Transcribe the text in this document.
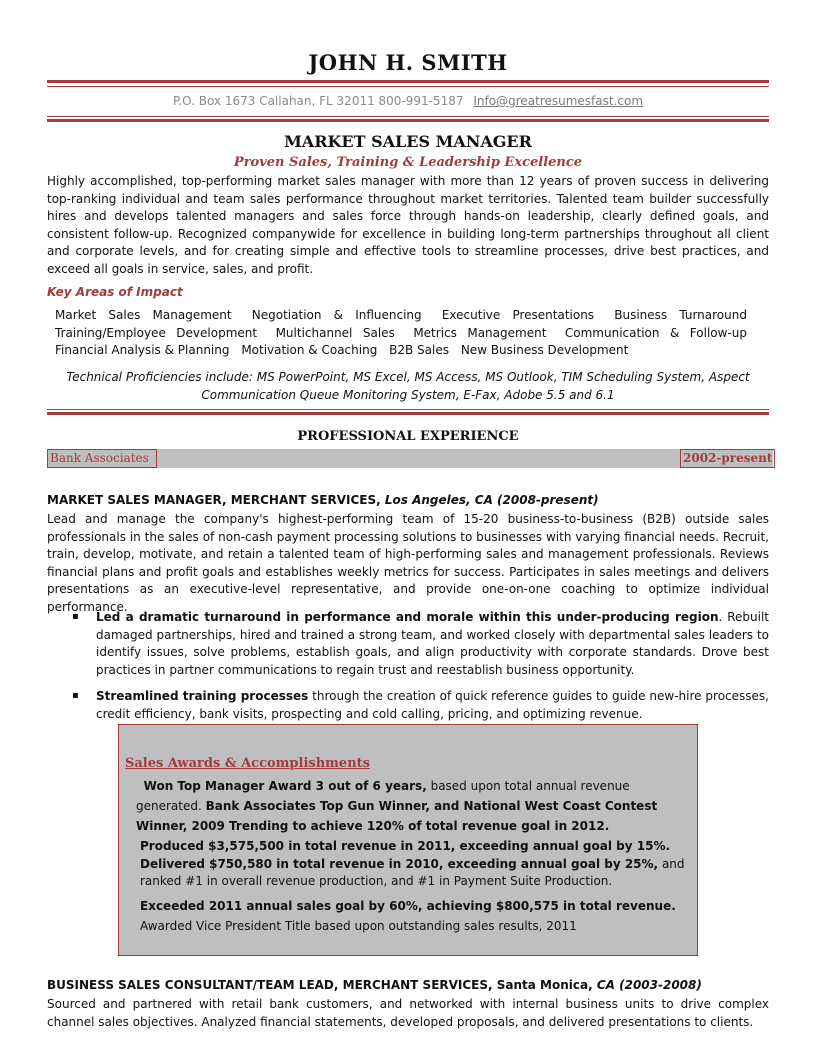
JOHN H. SMITH
P.O. Box 1673 Callahan, FL 32011 800-991-5187 Info@greatresumesfast.com
MARKET SALES MANAGER
Proven Sales, Training & Leadership Excellence
Highly accomplished, top-performing market sales manager with more than 12 years of proven success in delivering top-ranking individual and team sales performance throughout market territories. Talented team builder successfully hires and develops talented managers and sales force through hands-on leadership, clearly defined goals, and consistent follow-up. Recognized companywide for excellence in building long-term partnerships throughout all client and corporate levels, and for creating simple and effective tools to streamline processes, drive best practices, and exceed all goals in service, sales, and profit.
Key Areas of Impact
Market Sales Management Negotiation & Influencing Executive Presentations Business Turnaround Training/Employee Development Multichannel Sales Metrics Management Communication & Follow-up Financial Analysis & Planning Motivation & Coaching B2B Sales New Business Development
Technical Proficiencies include: MS PowerPoint, MS Excel, MS Access, MS Outlook, TIM Scheduling System, Aspect Communication Queue Monitoring System, E-Fax, Adobe 5.5 and 6.1
PROFESSIONAL EXPERIENCE
Bank Associates	2002-present
MARKET SALES MANAGER, MERCHANT SERVICES, Los Angeles, CA (2008-present)
Lead and manage the company's highest-performing team of 15-20 business-to-business (B2B) outside sales professionals in the sales of non-cash payment processing solutions to businesses with varying financial needs. Recruit, train, develop, motivate, and retain a talented team of high-performing sales and management professionals. Reviews financial plans and profit goals and establishes weekly metrics for success. Participates in sales meetings and delivers presentations as an executive-level representative, and provide one-on-one coaching to optimize individual performance.
▪ Led a dramatic turnaround in performance and morale within this under-producing region. Rebuilt damaged partnerships, hired and trained a strong team, and worked closely with departmental sales leaders to identify issues, solve problems, establish goals, and align productivity with corporate standards. Drove best practices in partner communications to regain trust and reestablish business opportunity.
▪ Streamlined training processes through the creation of quick reference guides to guide new-hire processes, credit efficiency, bank visits, prospecting and cold calling, pricing, and optimizing revenue.
Sales Awards & Accomplishments
Won Top Manager Award 3 out of 6 years, based upon total annual revenue generated. Bank Associates Top Gun Winner, and National West Coast Contest Winner, 2009 Trending to achieve 120% of total revenue goal in 2012.
Produced $3,575,500 in total revenue in 2011, exceeding annual goal by 15%.
Delivered $750,580 in total revenue in 2010, exceeding annual goal by 25%, and ranked #1 in overall revenue production, and #1 in Payment Suite Production.
Exceeded 2011 annual sales goal by 60%, achieving $800,575 in total revenue. Awarded Vice President Title based upon outstanding sales results, 2011
BUSINESS SALES CONSULTANT/TEAM LEAD, MERCHANT SERVICES, Santa Monica, CA (2003-2008)
Sourced and partnered with retail bank customers, and networked with internal business units to drive complex channel sales objectives. Analyzed financial statements, developed proposals, and delivered presentations to clients.
